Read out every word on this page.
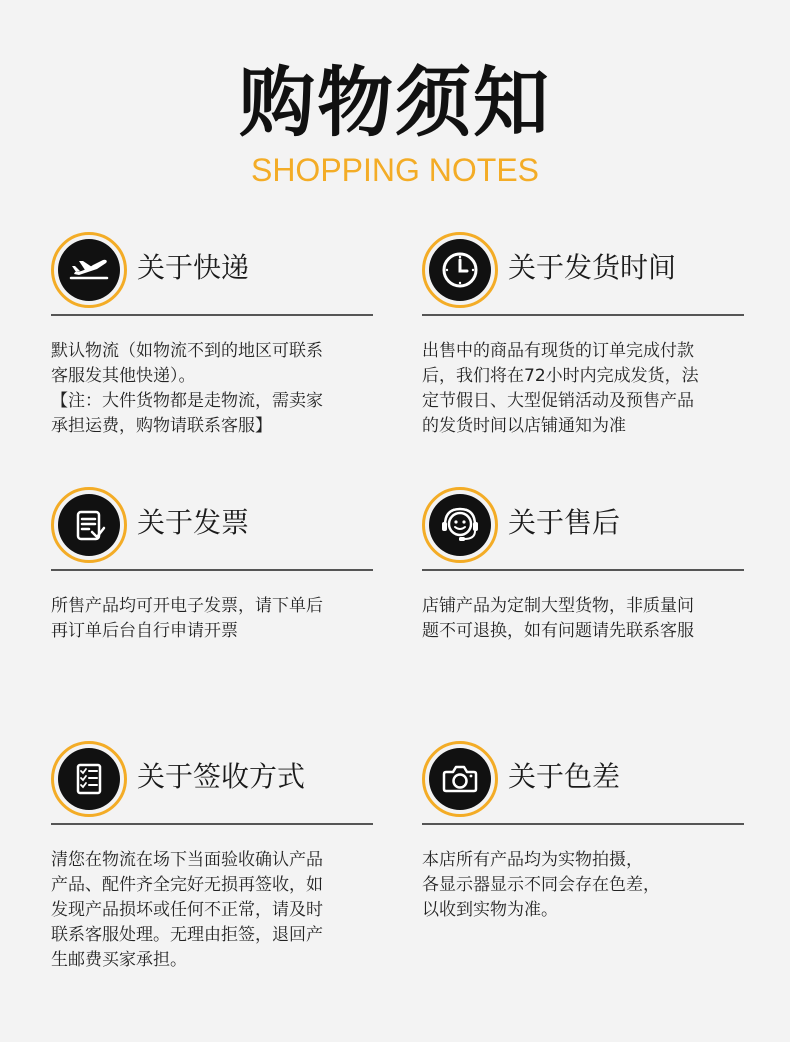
购物须知
SHOPPING NOTES
关于快递
默认物流（如物流不到的地区可联系
客服发其他快递）。
【注：大件货物都是走物流，需卖家
承担运费，购物请联系客服】
关于发货时间
出售中的商品有现货的订单完成付款
后，我们将在72小时内完成发货，法
定节假日、大型促销活动及预售产品
的发货时间以店铺通知为准
关于发票
所售产品均可开电子发票，请下单后
再订单后台自行申请开票
关于售后
店铺产品为定制大型货物，非质量问
题不可退换，如有问题请先联系客服
关于签收方式
清您在物流在场下当面验收确认产品
产品、配件齐全完好无损再签收，如
发现产品损坏或任何不正常，请及时
联系客服处理。无理由拒签，退回产
生邮费买家承担。
关于色差
本店所有产品均为实物拍摄，
各显示器显示不同会存在色差，
以收到实物为准。
